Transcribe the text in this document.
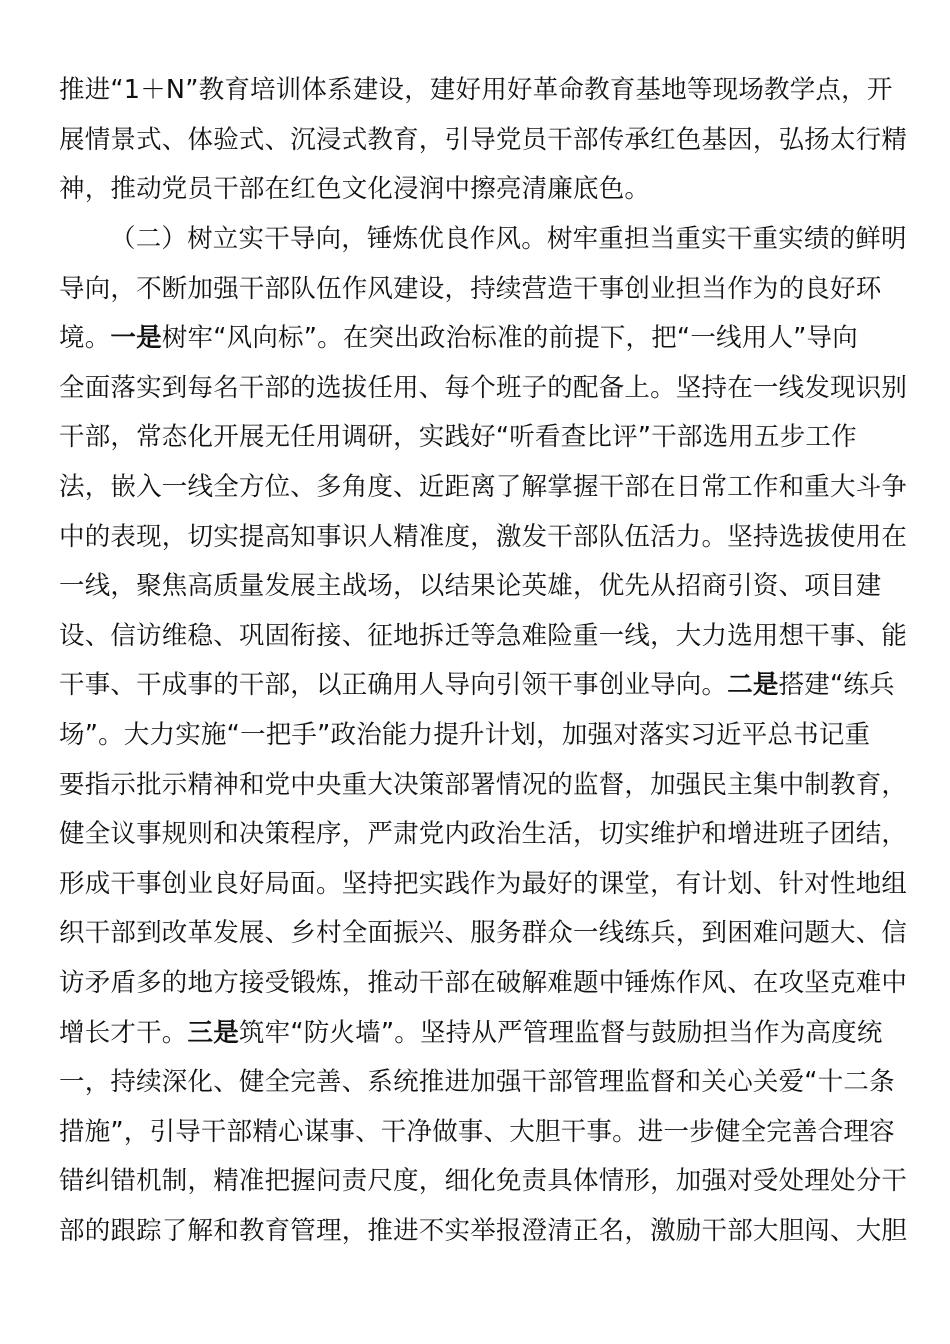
推进“1＋N”教育培训体系建设，建好用好革命教育基地等现场教学点，开
展情景式、体验式、沉浸式教育，引导党员干部传承红色基因，弘扬太行精
神，推动党员干部在红色文化浸润中擦亮清廉底色。
（二）树立实干导向，锤炼优良作风。树牢重担当重实干重实绩的鲜明
导向，不断加强干部队伍作风建设，持续营造干事创业担当作为的良好环
境。一是树牢“风向标”。在突出政治标准的前提下，把“一线用人”导向
全面落实到每名干部的选拔任用、每个班子的配备上。坚持在一线发现识别
干部，常态化开展无任用调研，实践好“听看查比评”干部选用五步工作
法，嵌入一线全方位、多角度、近距离了解掌握干部在日常工作和重大斗争
中的表现，切实提高知事识人精准度，激发干部队伍活力。坚持选拔使用在
一线，聚焦高质量发展主战场，以结果论英雄，优先从招商引资、项目建
设、信访维稳、巩固衔接、征地拆迁等急难险重一线，大力选用想干事、能
干事、干成事的干部，以正确用人导向引领干事创业导向。二是搭建“练兵
场”。大力实施“一把手”政治能力提升计划，加强对落实习近平总书记重
要指示批示精神和党中央重大决策部署情况的监督，加强民主集中制教育，
健全议事规则和决策程序，严肃党内政治生活，切实维护和增进班子团结，
形成干事创业良好局面。坚持把实践作为最好的课堂，有计划、针对性地组
织干部到改革发展、乡村全面振兴、服务群众一线练兵，到困难问题大、信
访矛盾多的地方接受锻炼，推动干部在破解难题中锤炼作风、在攻坚克难中
增长才干。三是筑牢“防火墙”。坚持从严管理监督与鼓励担当作为高度统
一，持续深化、健全完善、系统推进加强干部管理监督和关心关爱“十二条
措施”，引导干部精心谋事、干净做事、大胆干事。进一步健全完善合理容
错纠错机制，精准把握问责尺度，细化免责具体情形，加强对受处理处分干
部的跟踪了解和教育管理，推进不实举报澄清正名，激励干部大胆闯、大胆
